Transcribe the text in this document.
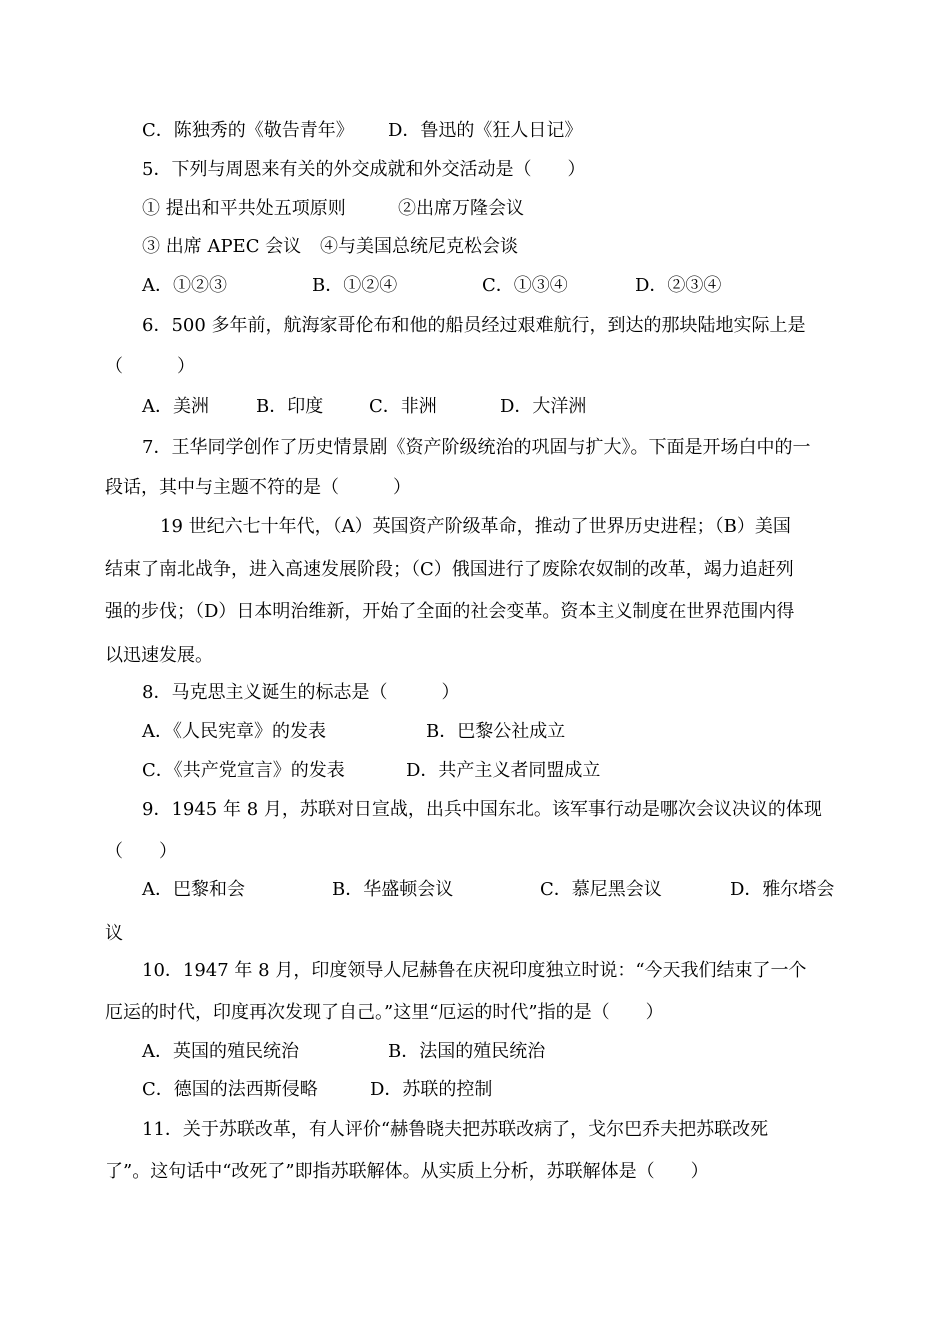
C．陈独秀的《敬告青年》 D．鲁迅的《狂人日记》
5．下列与周恩来有关的外交成就和外交活动是（　　）
① 提出和平共处五项原则	②出席万隆会议
③ 出席 APEC 会议 ④与美国总统尼克松会谈
A．①②③	B．①②④	C．①③④	D．②③④
6．500 多年前，航海家哥伦布和他的船员经过艰难航行，到达的那块陆地实际上是
（　　　）
A．美洲	B．印度	C．非洲	D．大洋洲
7．王华同学创作了历史情景剧《资产阶级统治的巩固与扩大》。下面是开场白中的一
段话，其中与主题不符的是（　　　）
19 世纪六七十年代，（A）英国资产阶级革命，推动了世界历史进程；（B）美国
结束了南北战争，进入高速发展阶段；（C）俄国进行了废除农奴制的改革，竭力追赶列
强的步伐；（D）日本明治维新，开始了全面的社会变革。资本主义制度在世界范围内得
以迅速发展。
8．马克思主义诞生的标志是（　　　）
A．《人民宪章》的发表	B．巴黎公社成立
C．《共产党宣言》的发表	D．共产主义者同盟成立
9．1945 年 8 月，苏联对日宣战，出兵中国东北。该军事行动是哪次会议决议的体现
（　　）
A．巴黎和会	B．华盛顿会议	C．慕尼黑会议	D．雅尔塔会
议
10．1947 年 8 月，印度领导人尼赫鲁在庆祝印度独立时说：“今天我们结束了一个
厄运的时代，印度再次发现了自己。”这里“厄运的时代”指的是（　　）
A．英国的殖民统治	B．法国的殖民统治
C．德国的法西斯侵略	D．苏联的控制
11．关于苏联改革，有人评价“赫鲁晓夫把苏联改病了，戈尔巴乔夫把苏联改死
了”。这句话中“改死了”即指苏联解体。从实质上分析，苏联解体是（　　）
